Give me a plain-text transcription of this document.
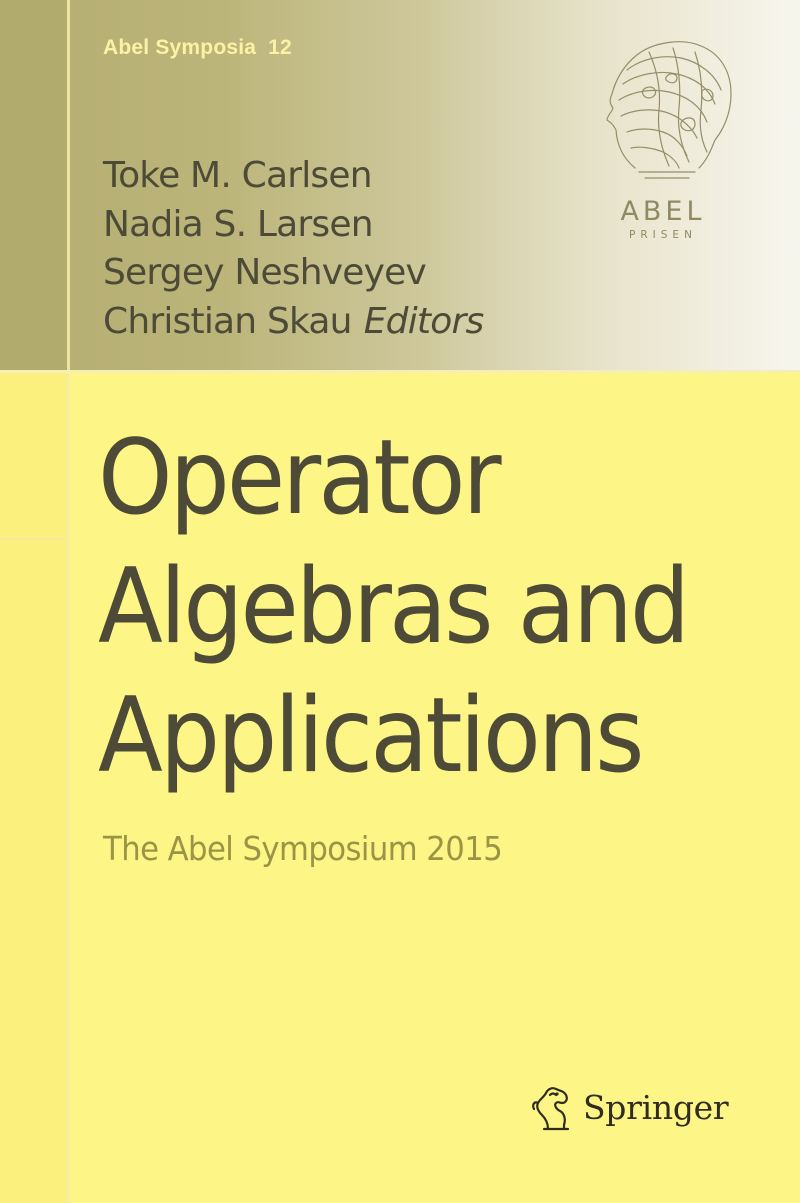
Abel Symposia 12
Toke M. Carlsen
Nadia S. Larsen
Sergey Neshveyev
Christian Skau Editors
ABEL
PRISEN
Operator
Algebras and
Applications
The Abel Symposium 2015
Springer
